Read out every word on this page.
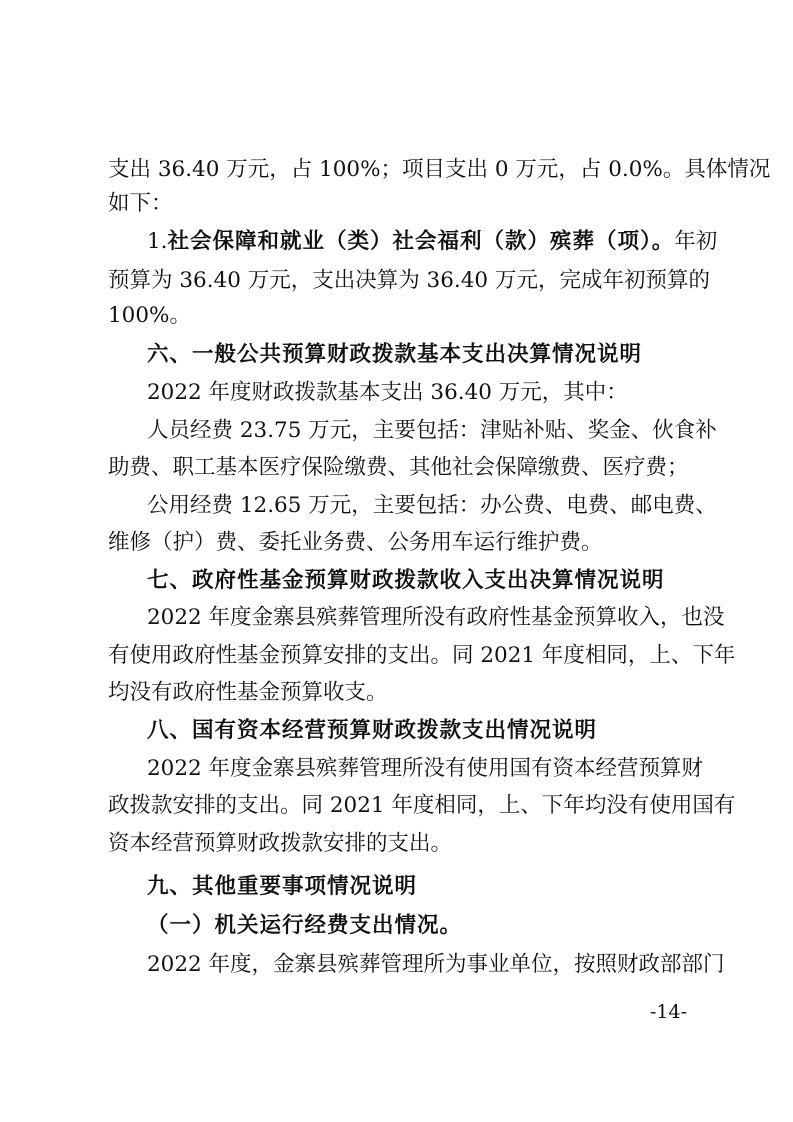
支出 36.40 万元，占 100%；项目支出 0 万元，占 0.0%。具体情况
如下：
1.社会保障和就业（类）社会福利（款）殡葬（项）。年初
预算为 36.40 万元，支出决算为 36.40 万元，完成年初预算的
100%。
六、一般公共预算财政拨款基本支出决算情况说明
2022 年度财政拨款基本支出 36.40 万元，其中：
人员经费 23.75 万元，主要包括：津贴补贴、奖金、伙食补
助费、职工基本医疗保险缴费、其他社会保障缴费、医疗费；
公用经费 12.65 万元，主要包括：办公费、电费、邮电费、
维修（护）费、委托业务费、公务用车运行维护费。
七、政府性基金预算财政拨款收入支出决算情况说明
2022 年度金寨县殡葬管理所没有政府性基金预算收入，也没
有使用政府性基金预算安排的支出。同 2021 年度相同，上、下年
均没有政府性基金预算收支。
八、国有资本经营预算财政拨款支出情况说明
2022 年度金寨县殡葬管理所没有使用国有资本经营预算财
政拨款安排的支出。同 2021 年度相同，上、下年均没有使用国有
资本经营预算财政拨款安排的支出。
九、其他重要事项情况说明
（一）机关运行经费支出情况。
2022 年度，金寨县殡葬管理所为事业单位，按照财政部部门
-14-
